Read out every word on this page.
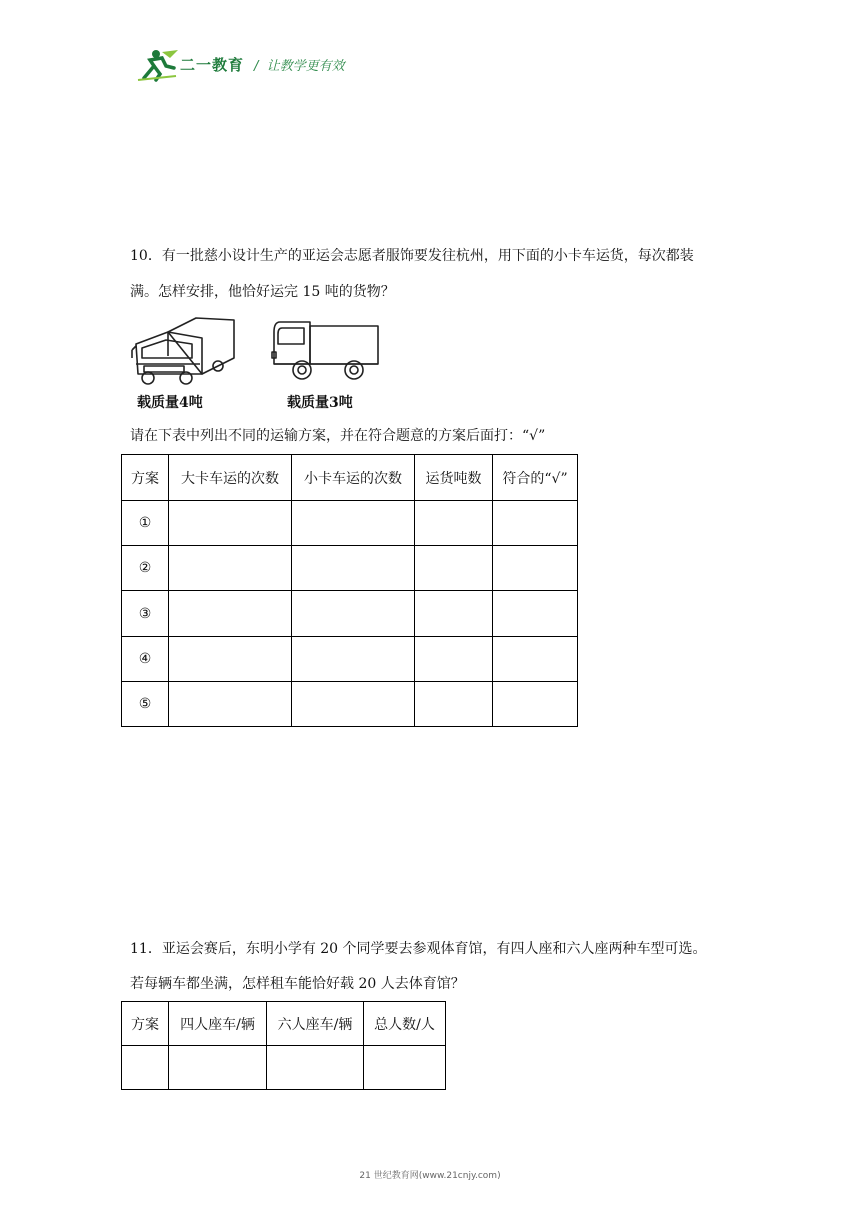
二一教育 / 让教学更有效
10．有一批慈小设计生产的亚运会志愿者服饰要发往杭州，用下面的小卡车运货，每次都装
满。怎样安排，他恰好运完 15 吨的货物？
载质量4吨	载质量3吨
请在下表中列出不同的运输方案，并在符合题意的方案后面打：“√”
方案	大卡车运的次数	小卡车运的次数	运货吨数	符合的“√”
①				
②				
③				
④				
⑤				
11．亚运会赛后，东明小学有 20 个同学要去参观体育馆，有四人座和六人座两种车型可选。
若每辆车都坐满，怎样租车能恰好载 20 人去体育馆？
方案	四人座车/辆	六人座车/辆	总人数/人

21 世纪教育网(www.21cnjy.com)
